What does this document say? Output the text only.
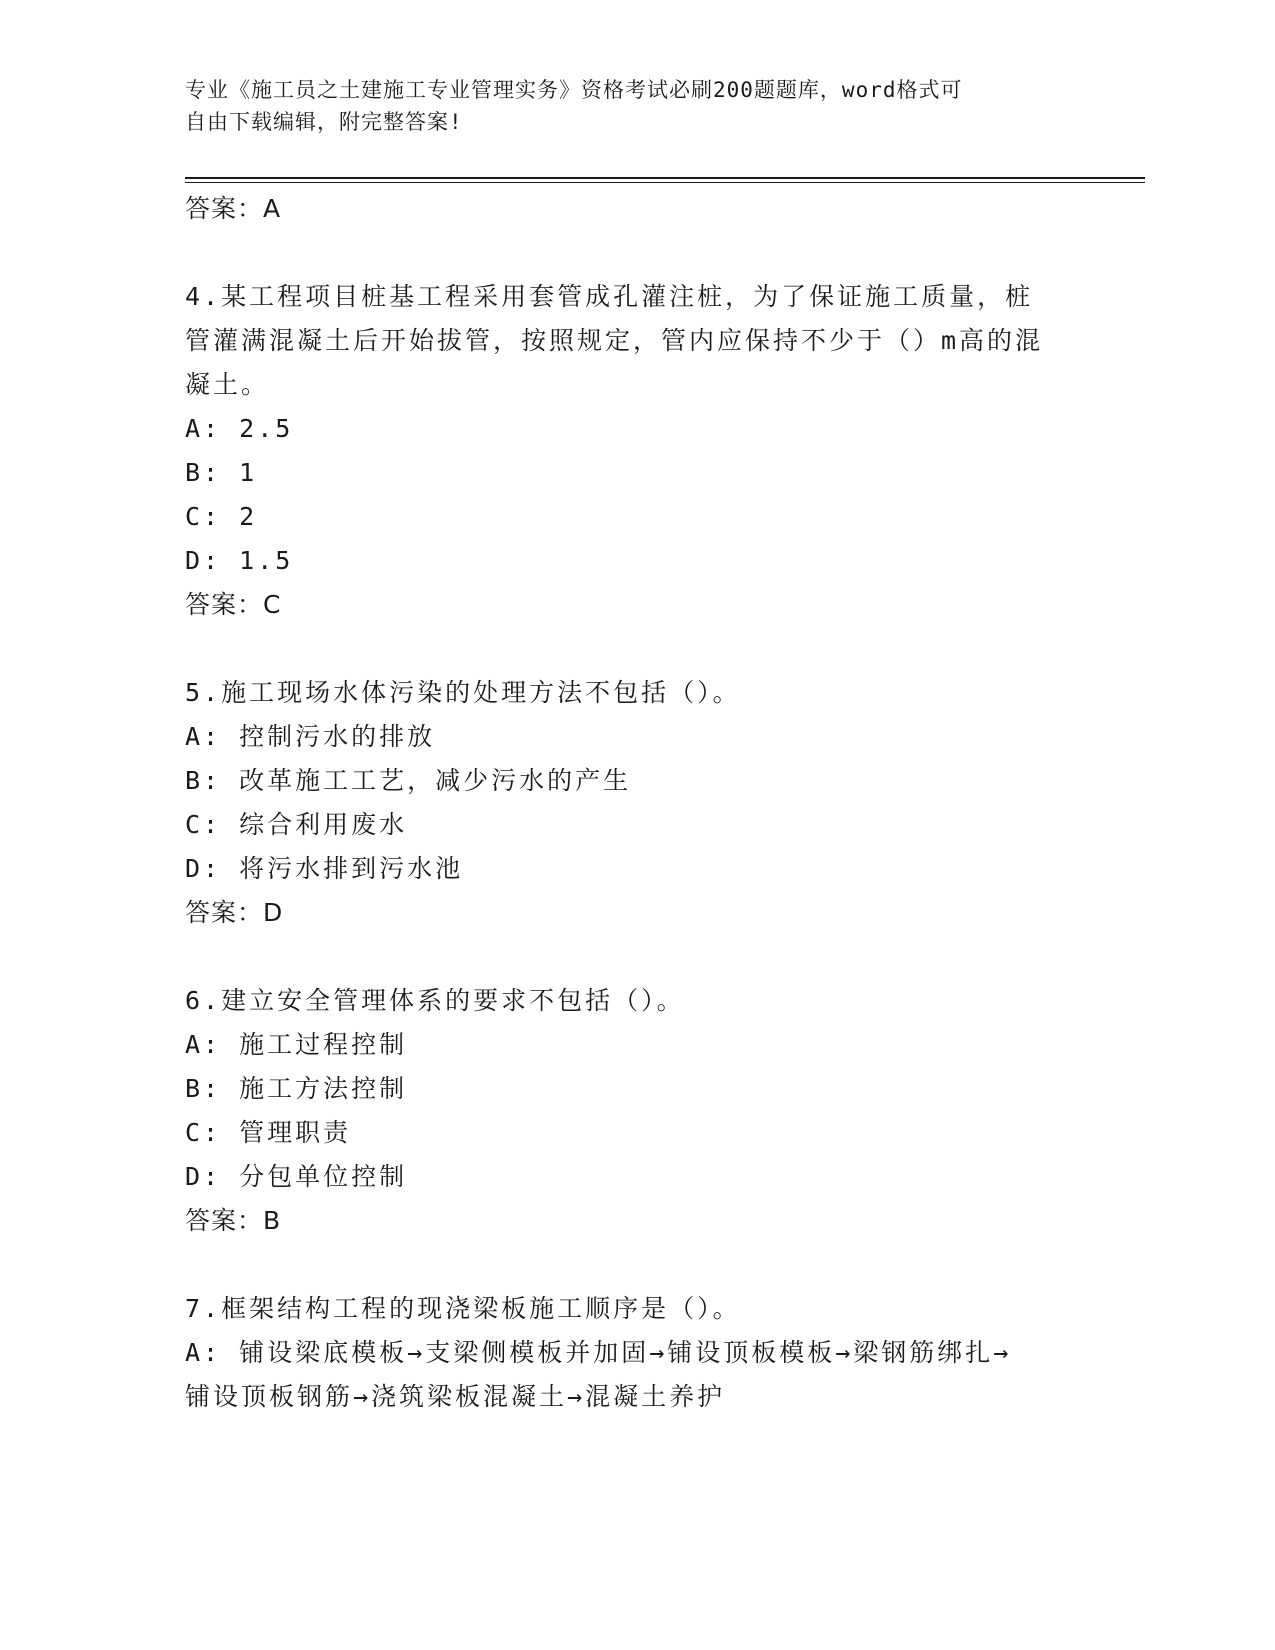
专业《施工员之土建施工专业管理实务》资格考试必刷200题题库，word格式可
自由下载编辑，附完整答案!
答案：A
4.某工程项目桩基工程采用套管成孔灌注桩，为了保证施工质量，桩
管灌满混凝土后开始拔管，按照规定，管内应保持不少于（）m高的混
凝土。
A: 2.5
B: 1
C: 2
D: 1.5
答案：C
5.施工现场水体污染的处理方法不包括（）。
A: 控制污水的排放
B: 改革施工工艺，减少污水的产生
C: 综合利用废水
D: 将污水排到污水池
答案：D
6.建立安全管理体系的要求不包括（）。
A: 施工过程控制
B: 施工方法控制
C: 管理职责
D: 分包单位控制
答案：B
7.框架结构工程的现浇梁板施工顺序是（）。
A: 铺设梁底模板→支梁侧模板并加固→铺设顶板模板→梁钢筋绑扎→
铺设顶板钢筋→浇筑梁板混凝土→混凝土养护
